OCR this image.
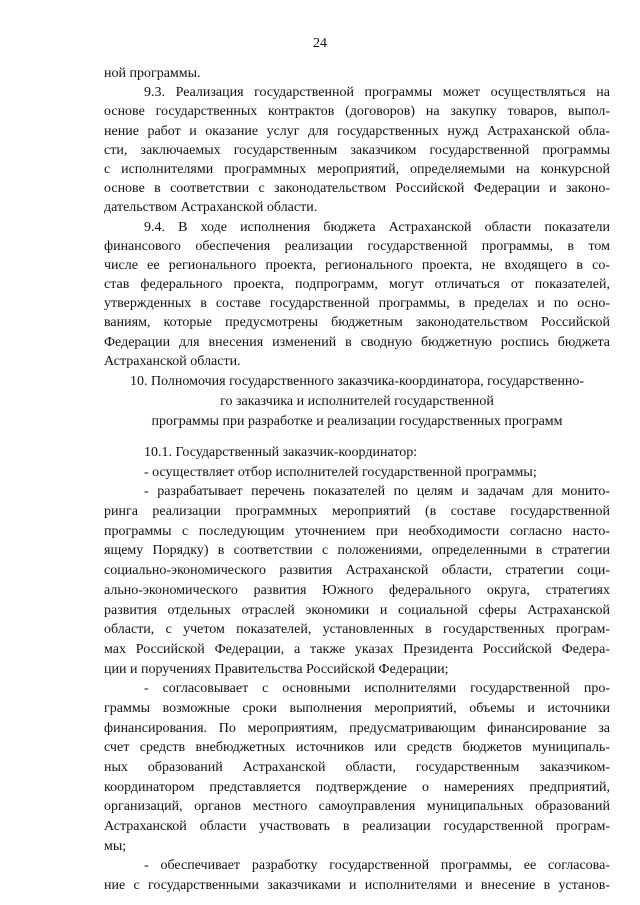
24
ной программы.
9.3. Реализация государственной программы может осуществляться на
основе государственных контрактов (договоров) на закупку товаров, выпол-
нение работ и оказание услуг для государственных нужд Астраханской обла-
сти, заключаемых государственным заказчиком государственной программы
с исполнителями программных мероприятий, определяемыми на конкурсной
основе в соответствии с законодательством Российской Федерации и законо-
дательством Астраханской области.
9.4. В ходе исполнения бюджета Астраханской области показатели
финансового обеспечения реализации государственной программы, в том
числе ее регионального проекта, регионального проекта, не входящего в со-
став федерального проекта, подпрограмм, могут отличаться от показателей,
утвержденных в составе государственной программы, в пределах и по осно-
ваниям, которые предусмотрены бюджетным законодательством Российской
Федерации для внесения изменений в сводную бюджетную роспись бюджета
Астраханской области.
10. Полномочия государственного заказчика-координатора, государственно-
го заказчика и исполнителей государственной
программы при разработке и реализации государственных программ
10.1. Государственный заказчик-координатор:
- осуществляет отбор исполнителей государственной программы;
- разрабатывает перечень показателей по целям и задачам для монито-
ринга реализации программных мероприятий (в составе государственной
программы с последующим уточнением при необходимости согласно насто-
ящему Порядку) в соответствии с положениями, определенными в стратегии
социально-экономического развития Астраханской области, стратегии соци-
ально-экономического развития Южного федерального округа, стратегиях
развития отдельных отраслей экономики и социальной сферы Астраханской
области, с учетом показателей, установленных в государственных програм-
мах Российской Федерации, а также указах Президента Российской Федера-
ции и поручениях Правительства Российской Федерации;
- согласовывает с основными исполнителями государственной про-
граммы возможные сроки выполнения мероприятий, объемы и источники
финансирования. По мероприятиям, предусматривающим финансирование за
счет средств внебюджетных источников или средств бюджетов муниципаль-
ных образований Астраханской области, государственным заказчиком-
координатором представляется подтверждение о намерениях предприятий,
организаций, органов местного самоуправления муниципальных образований
Астраханской области участвовать в реализации государственной програм-
мы;
- обеспечивает разработку государственной программы, ее согласова-
ние с государственными заказчиками и исполнителями и внесение в установ-
